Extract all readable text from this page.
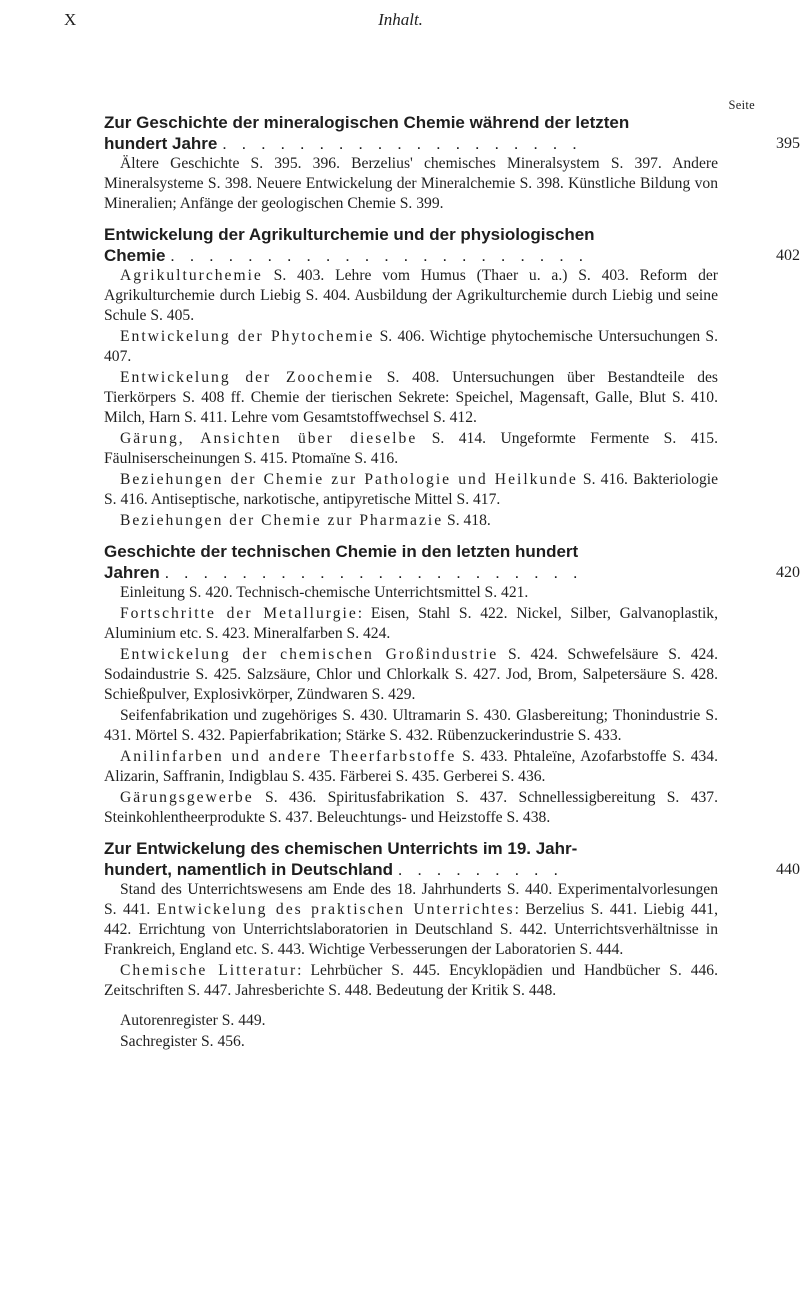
X	Inhalt.
Seite
Zur Geschichte der mineralogischen Chemie während der letzten
hundert Jahre . . . . . . . . . . . . . . . . . . .	395

Ältere Geschichte S. 395. 396. Berzelius' chemisches Mineralsystem S. 397. Andere Mineralsysteme S. 398. Neuere Entwickelung der Mineralchemie S. 398. Künstliche Bildung von Mineralien; Anfänge der geologischen Chemie S. 399.

Entwickelung der Agrikulturchemie und der physiologischen
Chemie . . . . . . . . . . . . . . . . . . . . . .	402

Agrikulturchemie S. 403. Lehre vom Humus (Thaer u. a.) S. 403. Reform der Agrikulturchemie durch Liebig S. 404. Ausbildung der Agrikulturchemie durch Liebig und seine Schule S. 405.

Entwickelung der Phytochemie S. 406. Wichtige phytochemische Untersuchungen S. 407.

Entwickelung der Zoochemie S. 408. Untersuchungen über Bestandteile des Tierkörpers S. 408 ff. Chemie der tierischen Sekrete: Speichel, Magensaft, Galle, Blut S. 410. Milch, Harn S. 411. Lehre vom Gesamtstoffwechsel S. 412.

Gärung, Ansichten über dieselbe S. 414. Ungeformte Fermente S. 415. Fäulniserscheinungen S. 415. Ptomaïne S. 416.

Beziehungen der Chemie zur Pathologie und Heilkunde S. 416. Bakteriologie S. 416. Antiseptische, narkotische, antipyretische Mittel S. 417.

Beziehungen der Chemie zur Pharmazie S. 418.

Geschichte der technischen Chemie in den letzten hundert
Jahren . . . . . . . . . . . . . . . . . . . . . .	420

Einleitung S. 420. Technisch-chemische Unterrichtsmittel S. 421.

Fortschritte der Metallurgie: Eisen, Stahl S. 422. Nickel, Silber, Galvanoplastik, Aluminium etc. S. 423. Mineralfarben S. 424.

Entwickelung der chemischen Großindustrie S. 424. Schwefelsäure S. 424. Sodaindustrie S. 425. Salzsäure, Chlor und Chlorkalk S. 427. Jod, Brom, Salpetersäure S. 428. Schießpulver, Explosivkörper, Zündwaren S. 429.

Seifenfabrikation und zugehöriges S. 430. Ultramarin S. 430. Glasbereitung; Thonindustrie S. 431. Mörtel S. 432. Papierfabrikation; Stärke S. 432. Rübenzuckerindustrie S. 433.

Anilinfarben und andere Theerfarbstoffe S. 433. Phtaleïne, Azofarbstoffe S. 434. Alizarin, Saffranin, Indigblau S. 435. Färberei S. 435. Gerberei S. 436.

Gärungsgewerbe S. 436. Spiritusfabrikation S. 437. Schnellessigbereitung S. 437. Steinkohlentheerprodukte S. 437. Beleuchtungs- und Heizstoffe S. 438.

Zur Entwickelung des chemischen Unterrichts im 19. Jahr-
hundert, namentlich in Deutschland . . . . . . . . .	440

Stand des Unterrichtswesens am Ende des 18. Jahrhunderts S. 440. Experimentalvorlesungen S. 441. Entwickelung des praktischen Unterrichtes: Berzelius S. 441. Liebig 441, 442. Errichtung von Unterrichtslaboratorien in Deutschland S. 442. Unterrichtsverhältnisse in Frankreich, England etc. S. 443. Wichtige Verbesserungen der Laboratorien S. 444.

Chemische Litteratur: Lehrbücher S. 445. Encyklopädien und Handbücher S. 446. Zeitschriften S. 447. Jahresberichte S. 448. Bedeutung der Kritik S. 448.

Autorenregister S. 449.

Sachregister S. 456.
